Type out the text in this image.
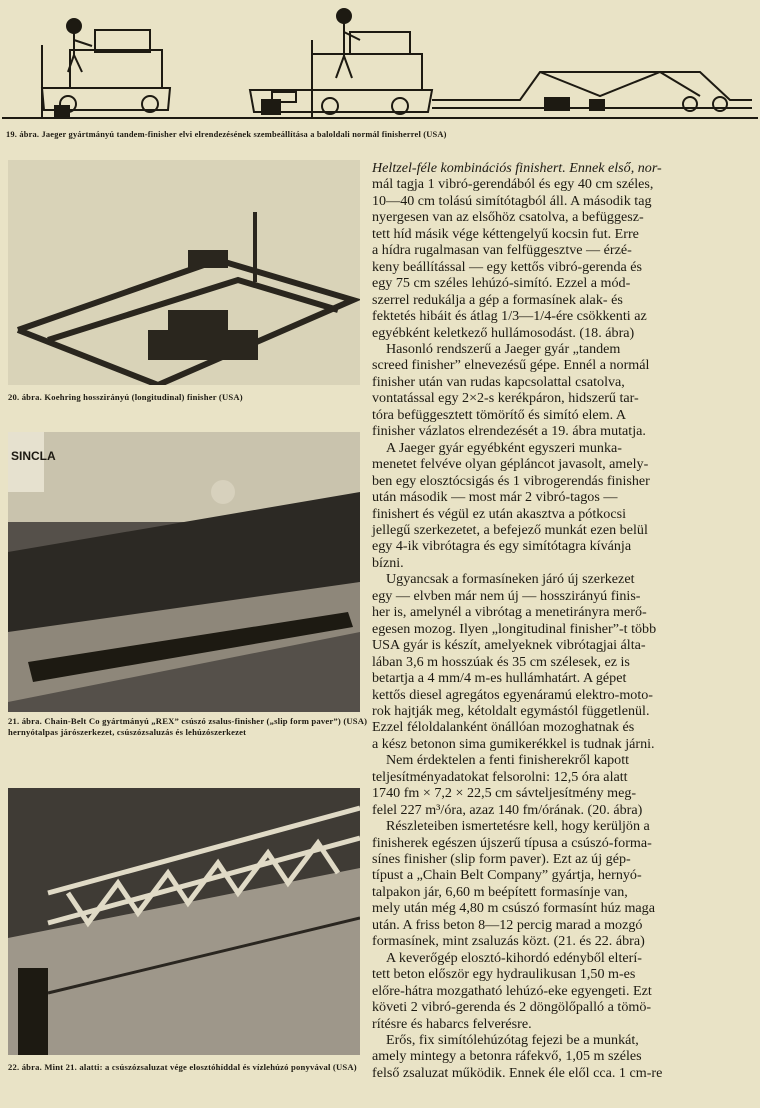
19. ábra. Jaeger gyártmányú tandem-finisher elvi elrendezésének szembeállítása a baloldali normál finisherrel (USA)
20. ábra. Koehring hosszirányú (longitudinal) finisher (USA)
SINCLA
21. ábra. Chain-Belt Co gyártmányú „REX” csúszó zsalus-finisher („slip form paver”) (USA) hernyótalpas járószerkezet, csúszózsaluzás és lehúzószerkezet
22. ábra. Mint 21. alatti: a csúszózsaluzat vége elosztóhíddal és vízlehúzó ponyvával (USA)

Heltzel-féle kombinációs finishert. Ennek első, nor-

mál tagja 1 vibró-gerendából és egy 40 cm széles,

10—40 cm tolású simítótagból áll. A második tag

nyergesen van az elsőhöz csatolva, a befüggesz-

tett híd másik vége kéttengelyű kocsin fut. Erre

a hídra rugalmasan van felfüggesztve — érzé-

keny beállítással — egy kettős vibró-gerenda és

egy 75 cm széles lehúzó-simító. Ezzel a mód-

szerrel redukálja a gép a formasínek alak- és

fektetés hibáit és átlag 1/3—1/4-ére csökkenti az

egyébként keletkező hullámosodást. (18. ábra)

Hasonló rendszerű a Jaeger gyár „tandem

screed finisher” elnevezésű gépe. Ennél a normál

finisher után van rudas kapcsolattal csatolva,

vontatással egy 2×2-s kerékpáron, hidszerű tar-

tóra befüggesztett tömörítő és simító elem. A

finisher vázlatos elrendezését a 19. ábra mutatja.

A Jaeger gyár egyébként egyszeri munka-

menetet felvéve olyan gépláncot javasolt, amely-

ben egy elosztócsigás és 1 vibrogerendás finisher

után második — most már 2 vibró-tagos —

finishert és végül ez után akasztva a pótkocsi

jellegű szerkezetet, a befejező munkát ezen belül

egy 4-ik vibrótagra és egy simítótagra kívánja

bízni.

Ugyancsak a formasíneken járó új szerkezet

egy — elvben már nem új — hosszirányú finis-

her is, amelynél a vibrótag a menetirányra merő-

egesen mozog. Ilyen „longitudinal finisher”-t több

USA gyár is készít, amelyeknek vibrótagjai álta-

lában 3,6 m hosszúak és 35 cm szélesek, ez is

betartja a 4 mm/4 m-es hullámhatárt. A gépet

kettős diesel agregátos egyenáramú elektro-moto-

rok hajtják meg, kétoldalt egymástól függetlenül.

Ezzel féloldalanként önállóan mozoghatnak és

a kész betonon sima gumikerékkel is tudnak járni.

Nem érdektelen a fenti finisherekről kapott

teljesítményadatokat felsorolni: 12,5 óra alatt

1740 fm × 7,2 × 22,5 cm sávteljesítmény meg-

felel 227 m³/óra, azaz 140 fm/órának. (20. ábra)

Részleteiben ismertetésre kell, hogy kerüljön a

finisherek egészen újszerű típusa a csúszó-forma-

sínes finisher (slip form paver). Ezt az új gép-

típust a „Chain Belt Company” gyártja, hernyó-

talpakon jár, 6,60 m beépített formasínje van,

mely után még 4,80 m csúszó formasínt húz maga

után. A friss beton 8—12 percig marad a mozgó

formasínek, mint zsaluzás közt. (21. és 22. ábra)

A keverőgép elosztó-kihordó edényből elterí-

tett beton először egy hydraulikusan 1,50 m-es

előre-hátra mozgatható lehúzó-eke egyengeti. Ezt

követi 2 vibró-gerenda és 2 döngölőpalló a tömö-

rítésre és habarcs felverésre.

Erős, fix simítólehúzótag fejezi be a munkát,

amely mintegy a betonra ráfekvő, 1,05 m széles

felső zsaluzat működik. Ennek éle elől cca. 1 cm-re
